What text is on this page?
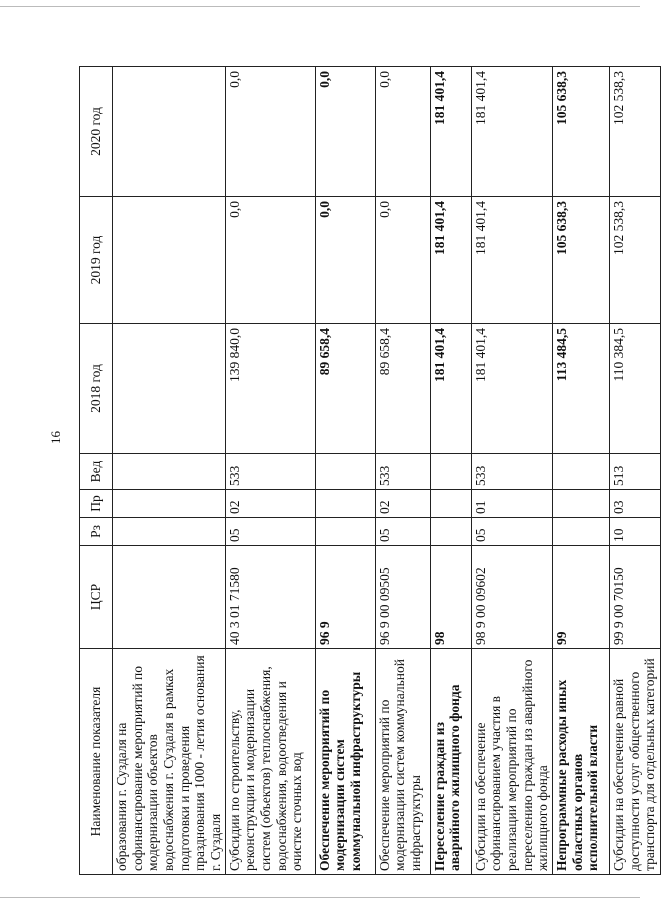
16
Наименование показателя	ЦСР	Рз	Пр	Вед	2018 год	2019 год	2020 год
образования г. Суздаля на софинансирование мероприятий по модернизации объектов водоснабжения г. Суздаля в рамках подготовки и проведения празднования 1000 - летия основания г. Суздаля							
Субсидии по строительству, реконструкции и модернизации систем (объектов) теплоснабжения, водоснабжения, водоотведения и очистке сточных вод	40 3 01 71580	05	02	533	139 840,0	0,0	0,0
Обеспечение мероприятий по модернизации систем коммунальной инфраструктуры	96 9				89 658,4	0,0	0,0
Обеспечение мероприятий по модернизации систем коммунальной инфраструктуры	96 9 00 09505	05	02	533	89 658,4	0,0	0,0
Переселение граждан из аварийного жилищного фонда	98				181 401,4	181 401,4	181 401,4
Субсидии на обеспечение софинансированием участия в реализации мероприятий по переселению граждан из аварийного жилищного фонда	98 9 00 09602	05	01	533	181 401,4	181 401,4	181 401,4
Непрограммные расходы иных областных органов исполнительной власти	99				113 484,5	105 638,3	105 638,3
Субсидии на обеспечение равной доступности услуг общественного транспорта для отдельных категорий	99 9 00 70150	10	03	513	110 384,5	102 538,3	102 538,3
